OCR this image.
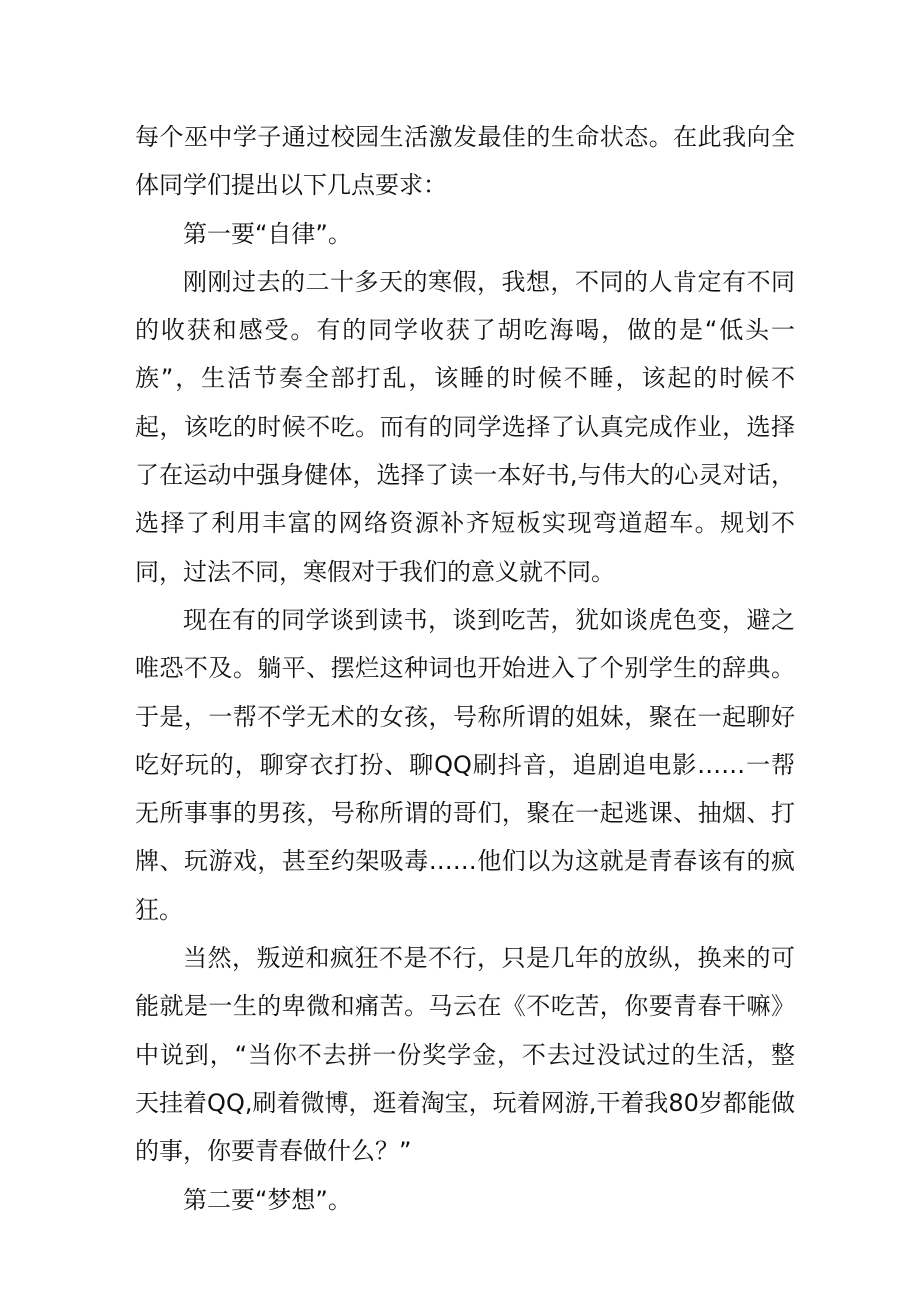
每个巫中学子通过校园生活激发最佳的生命状态。在此我向全体同学们提出以下几点要求：

第一要“自律”。

刚刚过去的二十多天的寒假，我想，不同的人肯定有不同的收获和感受。有的同学收获了胡吃海喝，做的是“低头一族”，生活节奏全部打乱，该睡的时候不睡，该起的时候不起，该吃的时候不吃。而有的同学选择了认真完成作业，选择了在运动中强身健体，选择了读一本好书,与伟大的心灵对话，选择了利用丰富的网络资源补齐短板实现弯道超车。规划不同，过法不同，寒假对于我们的意义就不同。

现在有的同学谈到读书，谈到吃苦，犹如谈虎色变，避之唯恐不及。躺平、摆烂这种词也开始进入了个别学生的辞典。于是，一帮不学无术的女孩，号称所谓的姐妹，聚在一起聊好吃好玩的，聊穿衣打扮、聊QQ刷抖音，追剧追电影……一帮无所事事的男孩，号称所谓的哥们，聚在一起逃课、抽烟、打牌、玩游戏，甚至约架吸毒……他们以为这就是青春该有的疯狂。

当然，叛逆和疯狂不是不行，只是几年的放纵，换来的可能就是一生的卑微和痛苦。马云在《不吃苦，你要青春干嘛》中说到，“当你不去拼一份奖学金，不去过没试过的生活，整天挂着QQ,刷着微博，逛着淘宝，玩着网游,干着我80岁都能做的事，你要青春做什么？”

第二要“梦想”。
